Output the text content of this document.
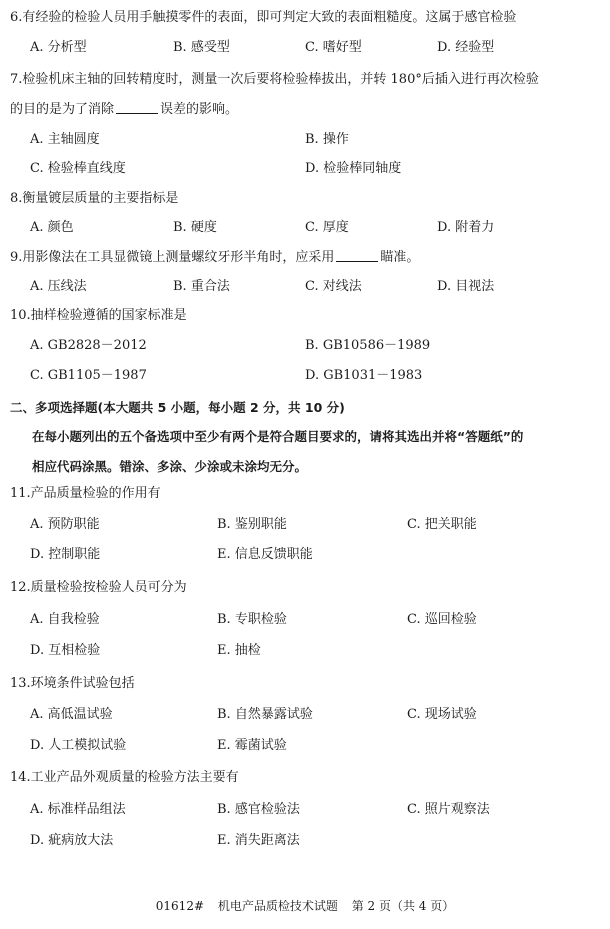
6.有经验的检验人员用手触摸零件的表面，即可判定大致的表面粗糙度。这属于感官检验
A. 分析型	B. 感受型	C. 嗜好型	D. 经验型
7.检验机床主轴的回转精度时，测量一次后要将检验棒拔出，并转 180°后插入进行再次检验
的目的是为了消除	误差的影响。
A. 主轴圆度	B. 操作
C. 检验棒直线度	D. 检验棒同轴度
8.衡量镀层质量的主要指标是
A. 颜色	B. 硬度	C. 厚度	D. 附着力
9.用影像法在工具显微镜上测量螺纹牙形半角时，应采用	瞄准。
A. 压线法	B. 重合法	C. 对线法	D. 目视法
10.抽样检验遵循的国家标准是
A. GB2828－2012	B. GB10586－1989
C. GB1105－1987	D. GB1031－1983
二、多项选择题(本大题共 5 小题，每小题 2 分，共 10 分)
在每小题列出的五个备选项中至少有两个是符合题目要求的，请将其选出并将“答题纸”的
相应代码涂黑。错涂、多涂、少涂或未涂均无分。
11.产品质量检验的作用有
A. 预防职能	B. 鉴别职能	C. 把关职能
D. 控制职能	E. 信息反馈职能
12.质量检验按检验人员可分为
A. 自我检验	B. 专职检验	C. 巡回检验
D. 互相检验	E. 抽检
13.环境条件试验包括
A. 高低温试验	B. 自然暴露试验	C. 现场试验
D. 人工模拟试验	E. 霉菌试验
14.工业产品外观质量的检验方法主要有
A. 标准样品组法	B. 感官检验法	C. 照片观察法
D. 疵病放大法	E. 消失距离法
01612# 机电产品质检技术试题 第 2 页（共 4 页）
